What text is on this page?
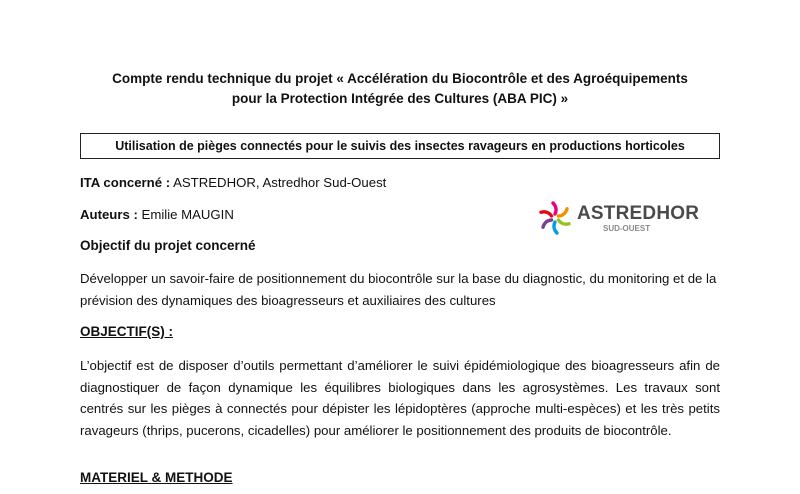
Compte rendu technique du projet « Accélération du Biocontrôle et des Agroéquipements
pour la Protection Intégrée des Cultures (ABA PIC) »
Utilisation de pièges connectés pour le suivis des insectes ravageurs en productions horticoles
ITA concerné : ASTREDHOR, Astredhor Sud-Ouest
Auteurs : Emilie MAUGIN	ASTREDHOR
SUD-OUEST
Objectif du projet concerné
Développer un savoir-faire de positionnement du biocontrôle sur la base du diagnostic, du monitoring et de la prévision des dynamiques des bioagresseurs et auxiliaires des cultures
OBJECTIF(S) :
L’objectif est de disposer d’outils permettant d’améliorer le suivi épidémiologique des bioagresseurs afin de diagnostiquer de façon dynamique les équilibres biologiques dans les agrosystèmes. Les travaux sont centrés sur les pièges à connectés pour dépister les lépidoptères (approche multi-espèces) et les très petits ravageurs (thrips, pucerons, cicadelles) pour améliorer le positionnement des produits de biocontrôle.
MATERIEL & METHODE
